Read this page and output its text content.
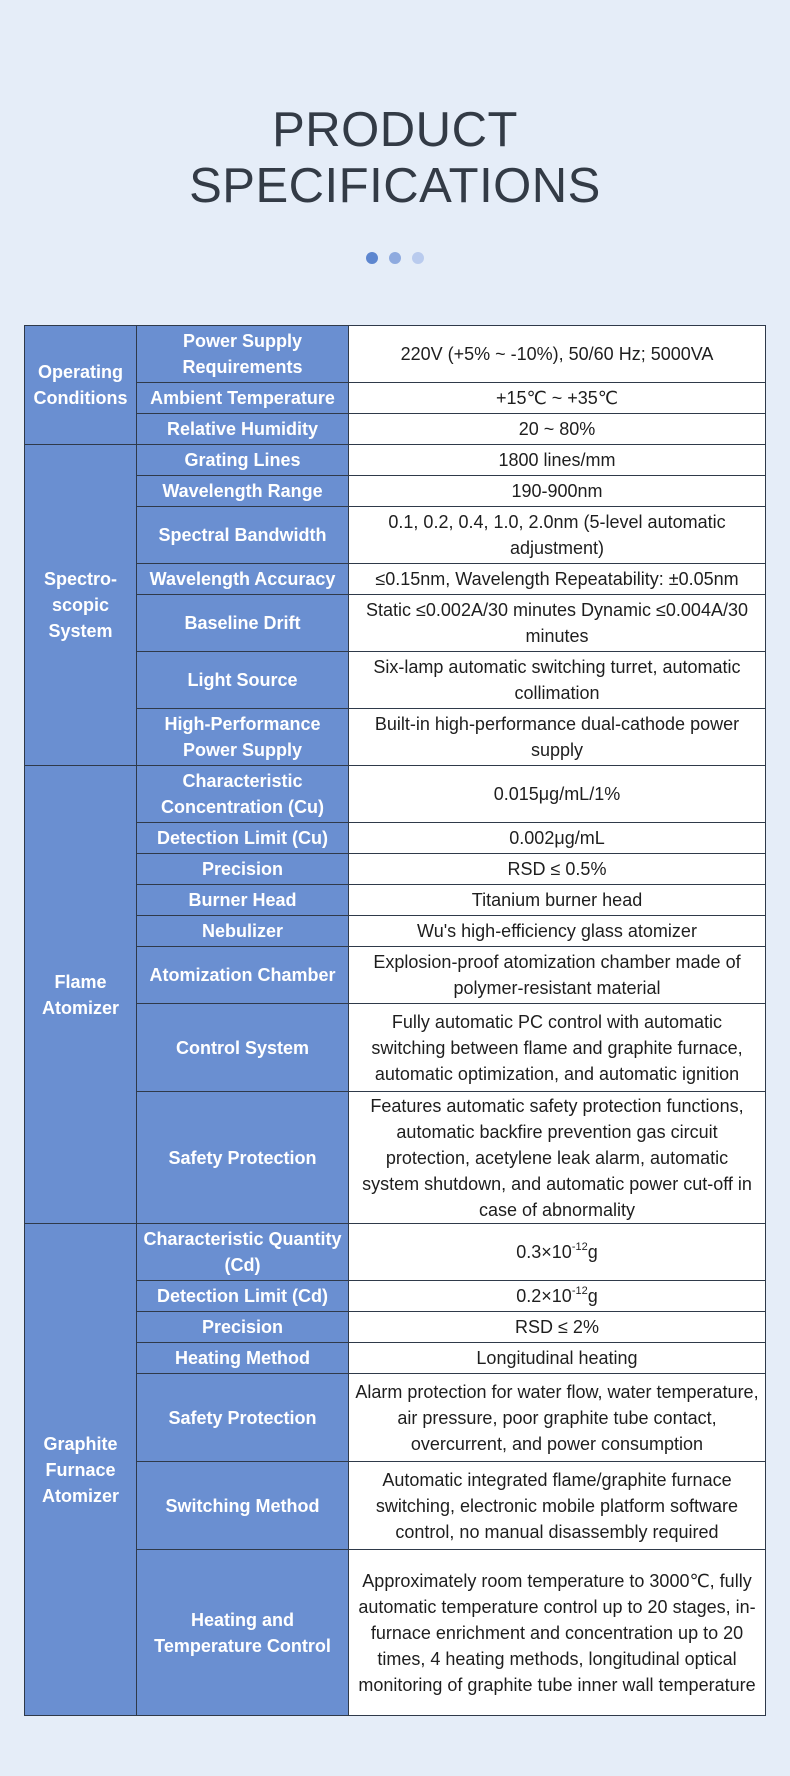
PRODUCT
SPECIFICATIONS
Operating
Conditions	Power Supply Requirements	220V (+5% ~ -10%), 50/60 Hz; 5000VA
	Ambient Temperature	+15℃ ~ +35℃
	Relative Humidity	20 ~ 80%
Spectro-
scopic
System	Grating Lines	1800 lines/mm
	Wavelength Range	190-900nm
	Spectral Bandwidth	0.1, 0.2, 0.4, 1.0, 2.0nm (5-level automatic adjustment)
	Wavelength Accuracy	≤0.15nm, Wavelength Repeatability: ±0.05nm
	Baseline Drift	Static ≤0.002A/30 minutes Dynamic ≤0.004A/30 minutes
	Light Source	Six-lamp automatic switching turret, automatic collimation
	High-Performance Power Supply	Built-in high-performance dual-cathode power supply
Flame
Atomizer	Characteristic Concentration (Cu)	0.015μg/mL/1%
	Detection Limit (Cu)	0.002μg/mL
	Precision	RSD ≤ 0.5%
	Burner Head	Titanium burner head
	Nebulizer	Wu's high-efficiency glass atomizer
	Atomization Chamber	Explosion-proof atomization chamber made of polymer-resistant material
	Control System	Fully automatic PC control with automatic switching between flame and graphite furnace, automatic optimization, and automatic ignition
	Safety Protection	Features automatic safety protection functions, automatic backfire prevention gas circuit protection, acetylene leak alarm, automatic system shutdown, and automatic power cut-off in case of abnormality
Graphite
Furnace
Atomizer	Characteristic Quantity (Cd)	$0.3\times 10^{-12}g$
	Detection Limit (Cd)	$0.2\times 10^{-12}g$
	Precision	RSD ≤ 2%
	Heating Method	Longitudinal heating
	Safety Protection	Alarm protection for water flow, water temperature, air pressure, poor graphite tube contact, overcurrent, and power consumption
	Switching Method	Automatic integrated flame/graphite furnace switching, electronic mobile platform software control, no manual disassembly required
	Heating and Temperature Control	Approximately room temperature to 3000℃, fully automatic temperature control up to 20 stages, in-furnace enrichment and concentration up to 20 times, 4 heating methods, longitudinal optical monitoring of graphite tube inner wall temperature
